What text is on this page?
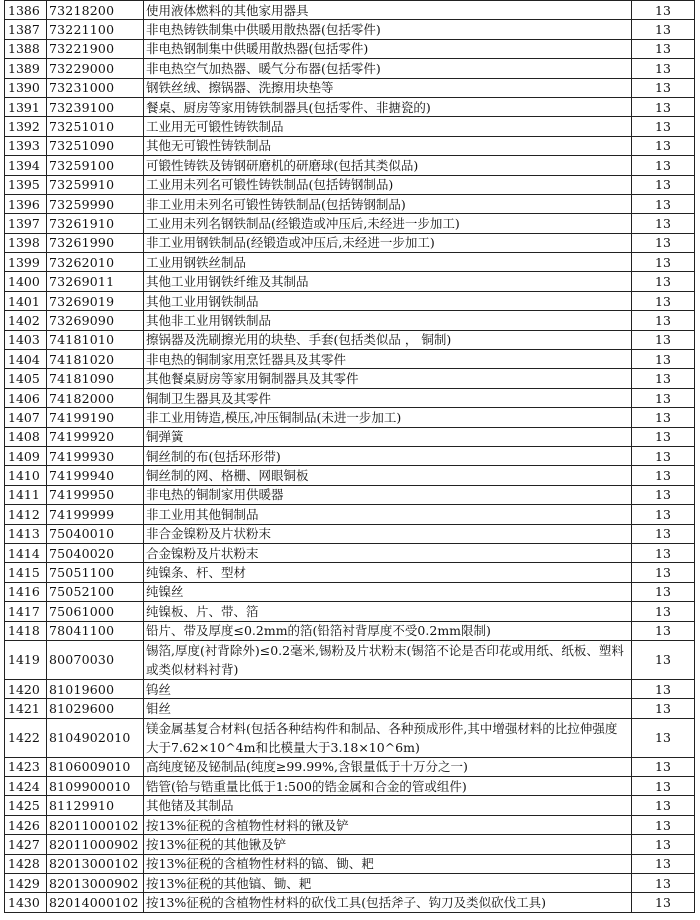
1386	73218200	使用液体燃料的其他家用器具	13
1387	73221100	非电热铸铁制集中供暖用散热器(包括零件)	13
1388	73221900	非电热钢制集中供暖用散热器(包括零件)	13
1389	73229000	非电热空气加热器、暖气分布器(包括零件)	13
1390	73231000	钢铁丝绒、擦锅器、洗擦用块垫等	13
1391	73239100	餐桌、厨房等家用铸铁制器具(包括零件、非搪瓷的)	13
1392	73251010	工业用无可锻性铸铁制品	13
1393	73251090	其他无可锻性铸铁制品	13
1394	73259100	可锻性铸铁及铸钢研磨机的研磨球(包括其类似品)	13
1395	73259910	工业用未列名可锻性铸铁制品(包括铸钢制品)	13
1396	73259990	非工业用未列名可锻性铸铁制品(包括铸钢制品)	13
1397	73261910	工业用未列名钢铁制品(经锻造或冲压后,未经进一步加工)	13
1398	73261990	非工业用钢铁制品(经锻造或冲压后,未经进一步加工)	13
1399	73262010	工业用钢铁丝制品	13
1400	73269011	其他工业用钢铁纤维及其制品	13
1401	73269019	其他工业用钢铁制品	13
1402	73269090	其他非工业用钢铁制品	13
1403	74181010	擦锅器及洗刷擦光用的块垫、手套(包括类似品 ， 铜制)	13
1404	74181020	非电热的铜制家用烹饪器具及其零件	13
1405	74181090	其他餐桌厨房等家用铜制器具及其零件	13
1406	74182000	铜制卫生器具及其零件	13
1407	74199190	非工业用铸造,模压,冲压铜制品(未进一步加工)	13
1408	74199920	铜弹簧	13
1409	74199930	铜丝制的布(包括环形带)	13
1410	74199940	铜丝制的网、格栅、网眼铜板	13
1411	74199950	非电热的铜制家用供暖器	13
1412	74199999	非工业用其他铜制品	13
1413	75040010	非合金镍粉及片状粉末	13
1414	75040020	合金镍粉及片状粉末	13
1415	75051100	纯镍条、杆、型材	13
1416	75052100	纯镍丝	13
1417	75061000	纯镍板、片、带、箔	13
1418	78041100	铅片、带及厚度≤0.2mm的箔(铅箔衬背厚度不受0.2mm限制)	13
1419	80070030	锡箔,厚度(衬背除外)≤0.2毫米,锡粉及片状粉末(锡箔不论是否印花或用纸、纸板、塑料或类似材料衬背)	13
1420	81019600	钨丝	13
1421	81029600	钼丝	13
1422	8104902010	镁金属基复合材料(包括各种结构件和制品、各种预成形件,其中增强材料的比拉伸强度大于7.62×10^4m和比模量大于3.18×10^6m)	13
1423	8106009010	高纯度铋及铋制品(纯度≥99.99%,含银量低于十万分之一)	13
1424	8109900010	锆管(铪与锆重量比低于1:500的锆金属和合金的管或组件)	13
1425	81129910	其他锗及其制品	13
1426	82011000102	按13%征税的含植物性材料的锹及铲	13
1427	82011000902	按13%征税的其他锹及铲	13
1428	82013000102	按13%征税的含植物性材料的镐、锄、耙	13
1429	82013000902	按13%征税的其他镐、锄、耙	13
1430	82014000102	按13%征税的含植物性材料的砍伐工具(包括斧子、钩刀及类似砍伐工具)	13
